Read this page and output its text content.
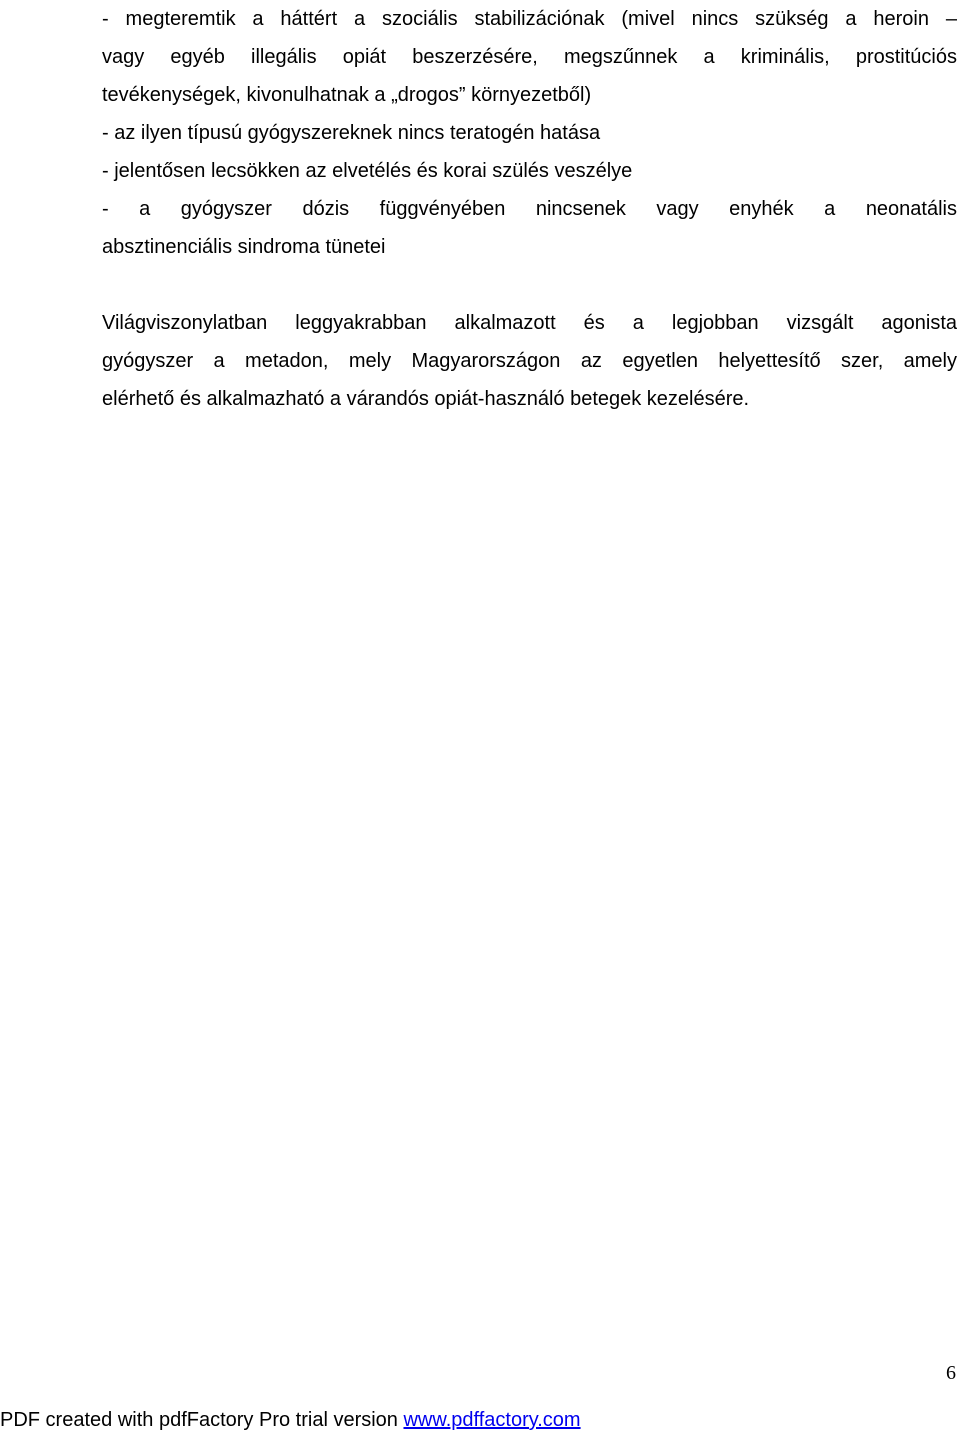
- megteremtik a háttért a szociális stabilizációnak (mivel nincs szükség a heroin –
vagy egyéb illegális opiát beszerzésére, megszűnnek a kriminális, prostitúciós
tevékenységek, kivonulhatnak a „drogos” környezetből)
- az ilyen típusú gyógyszereknek nincs teratogén hatása
- jelentősen lecsökken az elvetélés és korai szülés veszélye
- a gyógyszer dózis függvényében nincsenek vagy enyhék a neonatális
absztinenciális sindroma tünetei
Világviszonylatban leggyakrabban alkalmazott és a legjobban vizsgált agonista
gyógyszer a metadon, mely Magyarországon az egyetlen helyettesítő szer, amely
elérhető és alkalmazható a várandós opiát-használó betegek kezelésére.
6
PDF created with pdfFactory Pro trial version www.pdffactory.com
